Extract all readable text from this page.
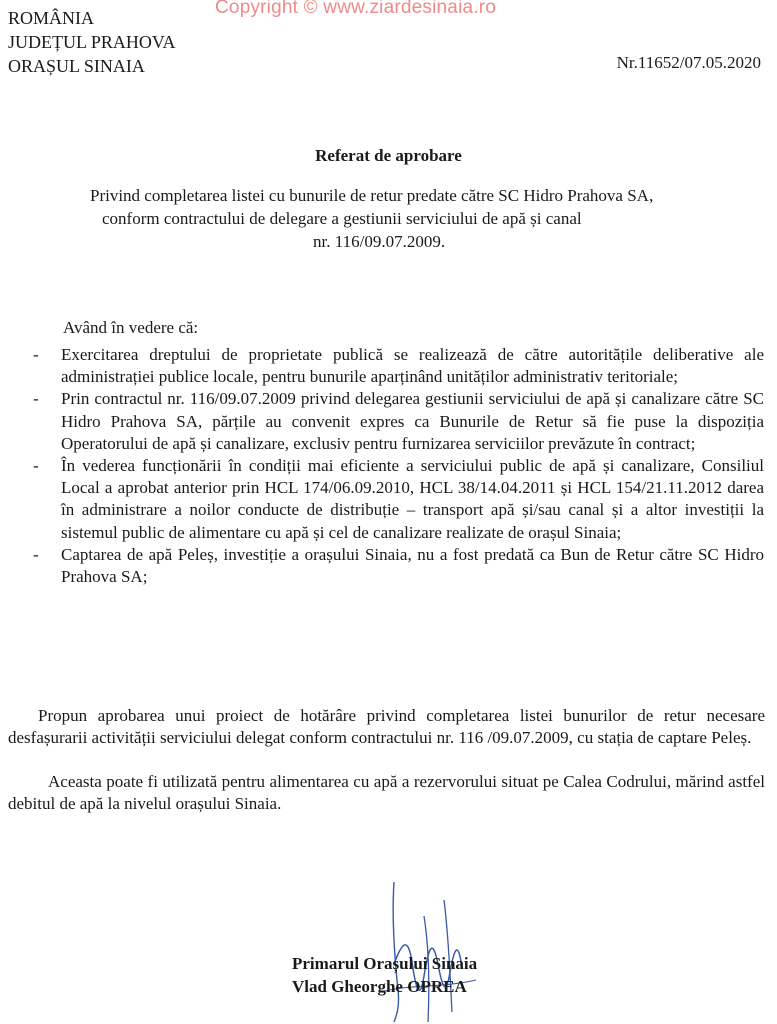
Copyright © www.ziardesinaia.ro
ROMÂNIA
JUDEȚUL PRAHOVA
ORAȘUL SINAIA	Nr.11652/07.05.2020
Referat de aprobare
Privind completarea listei cu bunurile de retur predate către SC Hidro Prahova SA,
conform contractului de delegare a gestiunii serviciului de apă și canal
nr. 116/09.07.2009.
Având în vedere că:
- Exercitarea dreptului de proprietate publică se realizează de către autoritățile deliberative ale administrației publice locale, pentru bunurile aparținând unităților administrativ teritoriale;
- Prin contractul nr. 116/09.07.2009 privind delegarea gestiunii serviciului de apă și canalizare către SC Hidro Prahova SA, părțile au convenit expres ca Bunurile de Retur să fie puse la dispoziția Operatorului de apă și canalizare, exclusiv pentru furnizarea serviciilor prevăzute în contract;
- În vederea funcționării în condiții mai eficiente a serviciului public de apă și canalizare, Consiliul Local a aprobat anterior prin HCL 174/06.09.2010, HCL 38/14.04.2011 și HCL 154/21.11.2012 darea în administrare a noilor conducte de distribuție – transport apă și/sau canal și a altor investiții la sistemul public de alimentare cu apă și cel de canalizare realizate de orașul Sinaia;
- Captarea de apă Peleș, investiție a orașului Sinaia, nu a fost predată ca Bun de Retur către SC Hidro Prahova SA;
Propun aprobarea unui proiect de hotărâre privind completarea listei bunurilor de retur necesare desfașurarii activității serviciului delegat conform contractului nr. 116 /09.07.2009, cu stația de captare Peleș.
Aceasta poate fi utilizată pentru alimentarea cu apă a rezervorului situat pe Calea Codrului, mărind astfel debitul de apă la nivelul orașului Sinaia.
Primarul Orașului Sinaia
Vlad Gheorghe OPREA
